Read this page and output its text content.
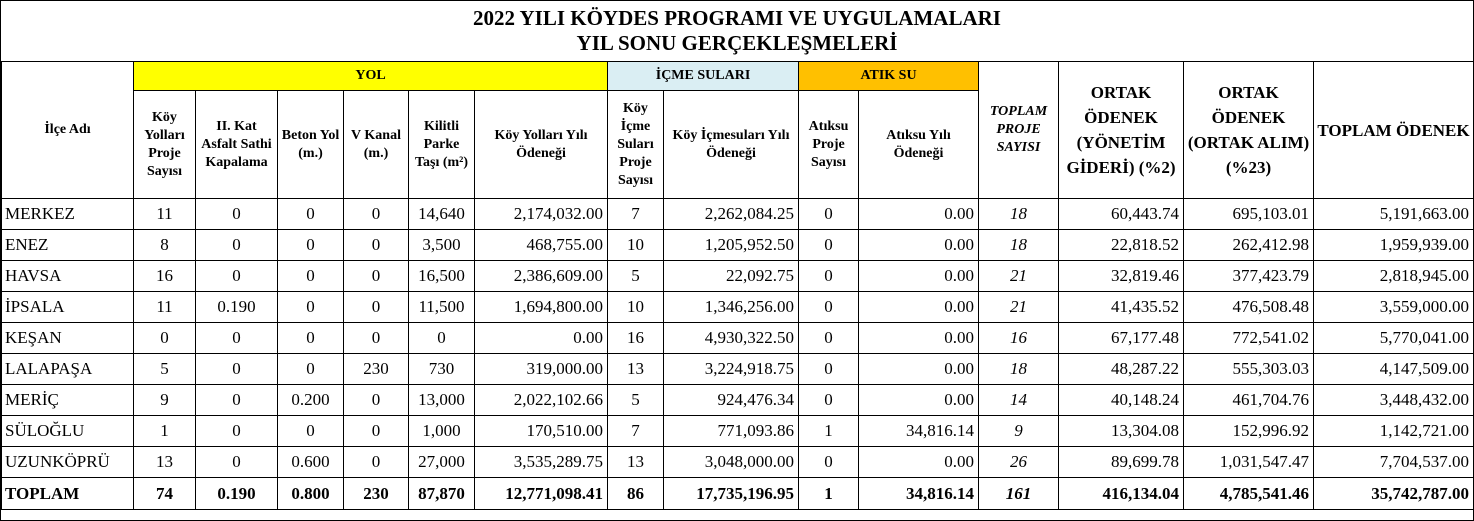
2022 YILI KÖYDES PROGRAMI VE UYGULAMALARI
YIL SONU GERÇEKLEŞMELERİ
İlçe Adı	YOL						İÇME SULARI		ATIK SU		TOPLAM PROJE SAYISI	ORTAK ÖDENEK (YÖNETİM GİDERİ) (%2)	ORTAK ÖDENEK (ORTAK ALIM) (%23)	TOPLAM ÖDENEK
	Köy Yolları Proje Sayısı	II. Kat Asfalt Sathi Kapalama	Beton Yol (m.)	V Kanal (m.)	Kilitli Parke Taşı (m²)	Köy Yolları Yılı Ödeneği	Köy İçme Suları Proje Sayısı	Köy İçmesuları Yılı Ödeneği	Atıksu Proje Sayısı	Atıksu Yılı Ödeneği				
MERKEZ	11	0	0	0	14,640	2,174,032.00	7	2,262,084.25	0	0.00	18	60,443.74	695,103.01	5,191,663.00
ENEZ	8	0	0	0	3,500	468,755.00	10	1,205,952.50	0	0.00	18	22,818.52	262,412.98	1,959,939.00
HAVSA	16	0	0	0	16,500	2,386,609.00	5	22,092.75	0	0.00	21	32,819.46	377,423.79	2,818,945.00
İPSALA	11	0.190	0	0	11,500	1,694,800.00	10	1,346,256.00	0	0.00	21	41,435.52	476,508.48	3,559,000.00
KEŞAN	0	0	0	0	0	0.00	16	4,930,322.50	0	0.00	16	67,177.48	772,541.02	5,770,041.00
LALAPAŞA	5	0	0	230	730	319,000.00	13	3,224,918.75	0	0.00	18	48,287.22	555,303.03	4,147,509.00
MERİÇ	9	0	0.200	0	13,000	2,022,102.66	5	924,476.34	0	0.00	14	40,148.24	461,704.76	3,448,432.00
SÜLOĞLU	1	0	0	0	1,000	170,510.00	7	771,093.86	1	34,816.14	9	13,304.08	152,996.92	1,142,721.00
UZUNKÖPRÜ	13	0	0.600	0	27,000	3,535,289.75	13	3,048,000.00	0	0.00	26	89,699.78	1,031,547.47	7,704,537.00
TOPLAM	74	0.190	0.800	230	87,870	12,771,098.41	86	17,735,196.95	1	34,816.14	161	416,134.04	4,785,541.46	35,742,787.00
